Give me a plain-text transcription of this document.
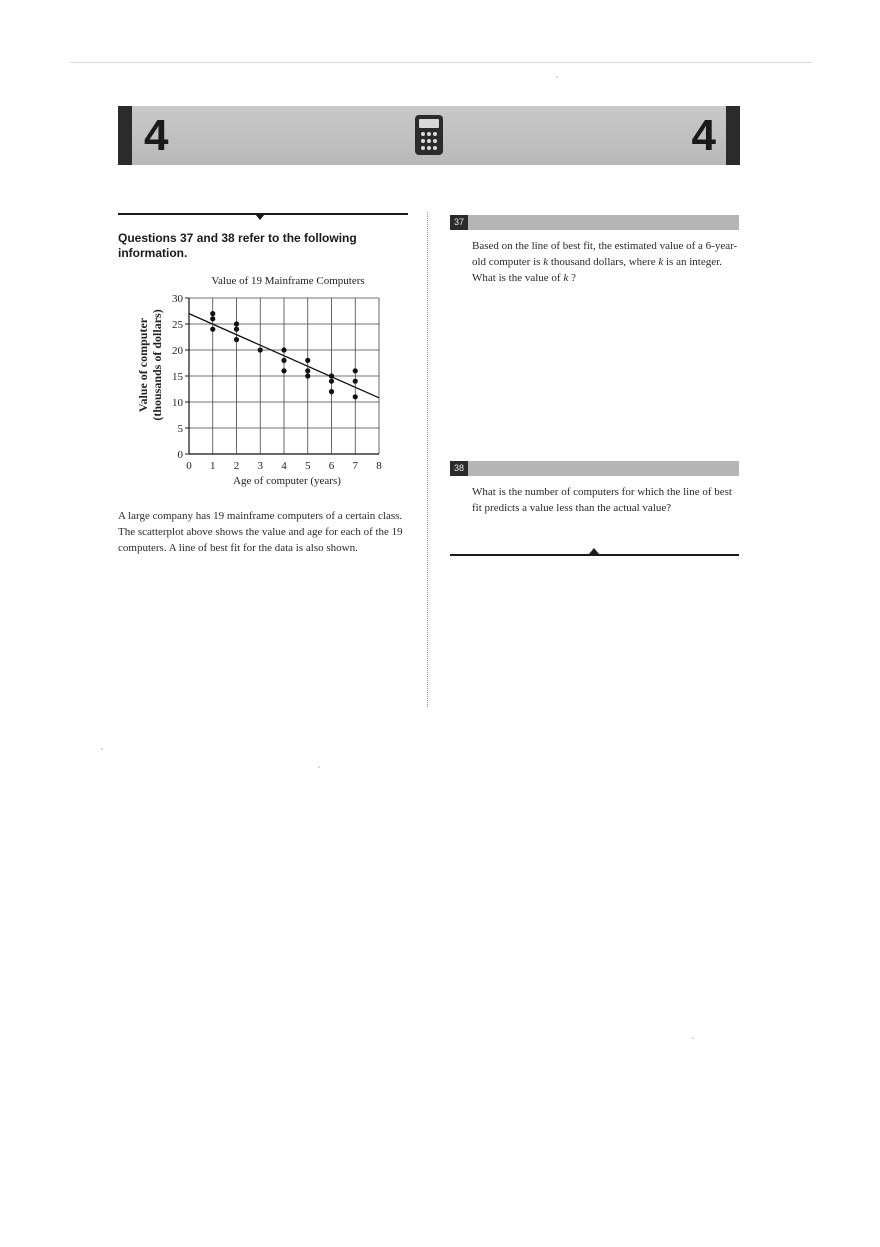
4	4
Questions 37 and 38 refer to the following information.
Value of 19 Mainframe Computers
Value of computer (thousands of dollars)
Age of computer (years)
0 1 2 3 4 5 6 7 8
0
5
10
15
20
25
30
A large company has 19 mainframe computers of a certain class. The scatterplot above shows the value and age for each of the 19 computers. A line of best fit for the data is also shown.
37
Based on the line of best fit, the estimated value of a 6-year-old computer is k thousand dollars, where k is an integer. What is the value of k ?
38
What is the number of computers for which the line of best fit predicts a value less than the actual value?
